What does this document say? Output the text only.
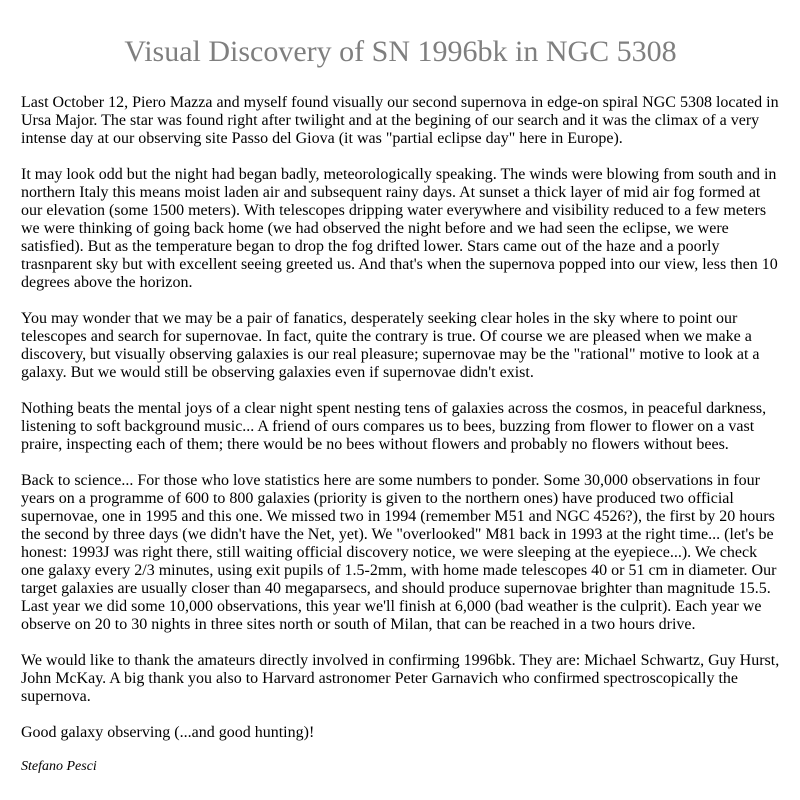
Visual Discovery of SN 1996bk in NGC 5308

Last October 12, Piero Mazza and myself found visually our second supernova in edge-on spiral NGC 5308 located in Ursa Major. The star was found right after twilight and at the begining of our search and it was the climax of a very intense day at our observing site Passo del Giova (it was "partial eclipse day" here in Europe).

It may look odd but the night had began badly, meteorologically speaking. The winds were blowing from south and in northern Italy this means moist laden air and subsequent rainy days. At sunset a thick layer of mid air fog formed at our elevation (some 1500 meters). With telescopes dripping water everywhere and visibility reduced to a few meters we were thinking of going back home (we had observed the night before and we had seen the eclipse, we were satisfied). But as the temperature began to drop the fog drifted lower. Stars came out of the haze and a poorly trasnparent sky but with excellent seeing greeted us. And that's when the supernova popped into our view, less then 10 degrees above the horizon.

You may wonder that we may be a pair of fanatics, desperately seeking clear holes in the sky where to point our telescopes and search for supernovae. In fact, quite the contrary is true. Of course we are pleased when we make a discovery, but visually observing galaxies is our real pleasure; supernovae may be the "rational" motive to look at a galaxy. But we would still be observing galaxies even if supernovae didn't exist.

Nothing beats the mental joys of a clear night spent nesting tens of galaxies across the cosmos, in peaceful darkness, listening to soft background music... A friend of ours compares us to bees, buzzing from flower to flower on a vast praire, inspecting each of them; there would be no bees without flowers and probably no flowers without bees.

Back to science... For those who love statistics here are some numbers to ponder. Some 30,000 observations in four years on a programme of 600 to 800 galaxies (priority is given to the northern ones) have produced two official supernovae, one in 1995 and this one. We missed two in 1994 (remember M51 and NGC 4526?), the first by 20 hours the second by three days (we didn't have the Net, yet). We "overlooked" M81 back in 1993 at the right time... (let's be honest: 1993J was right there, still waiting official discovery notice, we were sleeping at the eyepiece...). We check one galaxy every 2/3 minutes, using exit pupils of 1.5-2mm, with home made telescopes 40 or 51 cm in diameter. Our target galaxies are usually closer than 40 megaparsecs, and should produce supernovae brighter than magnitude 15.5. Last year we did some 10,000 observations, this year we'll finish at 6,000 (bad weather is the culprit). Each year we observe on 20 to 30 nights in three sites north or south of Milan, that can be reached in a two hours drive.

We would like to thank the amateurs directly involved in confirming 1996bk. They are: Michael Schwartz, Guy Hurst, John McKay. A big thank you also to Harvard astronomer Peter Garnavich who confirmed spectroscopically the supernova.

Good galaxy observing (...and good hunting)!

Stefano Pesci
